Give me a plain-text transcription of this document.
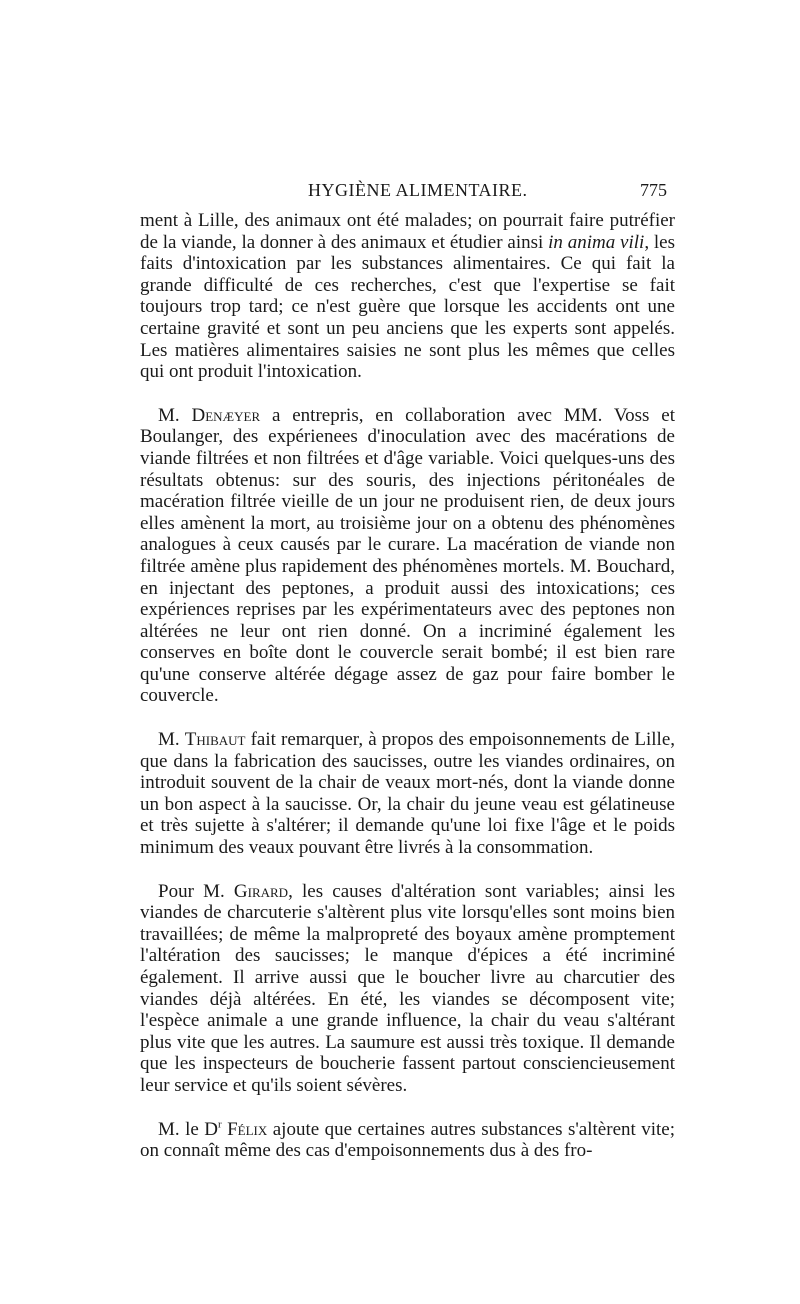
HYGIÈNE ALIMENTAIRE.	775

ment à Lille, des animaux ont été malades; on pourrait faire putréfier de la viande, la donner à des animaux et étudier ainsi in anima vili, les faits d'intoxication par les substances alimentaires. Ce qui fait la grande difficulté de ces recherches, c'est que l'expertise se fait toujours trop tard; ce n'est guère que lorsque les accidents ont une certaine gravité et sont un peu anciens que les experts sont appelés. Les matières alimentaires saisies ne sont plus les mêmes que celles qui ont produit l'intoxication.

M. Denæyer a entrepris, en collaboration avec MM. Voss et Boulanger, des expérienees d'inoculation avec des macérations de viande filtrées et non filtrées et d'âge variable. Voici quelques-uns des résultats obtenus: sur des souris, des injections péritonéales de macération filtrée vieille de un jour ne produisent rien, de deux jours elles amènent la mort, au troisième jour on a obtenu des phénomènes analogues à ceux causés par le curare. La macération de viande non filtrée amène plus rapidement des phénomènes mortels. M. Bouchard, en injectant des peptones, a produit aussi des intoxications; ces expériences reprises par les expérimentateurs avec des peptones non altérées ne leur ont rien donné. On a incriminé également les conserves en boîte dont le couvercle serait bombé; il est bien rare qu'une conserve altérée dégage assez de gaz pour faire bomber le couvercle.

M. Thibaut fait remarquer, à propos des empoisonnements de Lille, que dans la fabrication des saucisses, outre les viandes ordinaires, on introduit souvent de la chair de veaux mort-nés, dont la viande donne un bon aspect à la saucisse. Or, la chair du jeune veau est gélatineuse et très sujette à s'altérer; il demande qu'une loi fixe l'âge et le poids minimum des veaux pouvant être livrés à la consommation.

Pour M. Girard, les causes d'altération sont variables; ainsi les viandes de charcuterie s'altèrent plus vite lorsqu'elles sont moins bien travaillées; de même la malpropreté des boyaux amène promptement l'altération des saucisses; le manque d'épices a été incriminé également. Il arrive aussi que le boucher livre au charcutier des viandes déjà altérées. En été, les viandes se décomposent vite; l'espèce animale a une grande influence, la chair du veau s'altérant plus vite que les autres. La saumure est aussi très toxique. Il demande que les inspecteurs de boucherie fassent partout consciencieusement leur service et qu'ils soient sévères.

M. le $D^r$ Félix ajoute que certaines autres substances s'altèrent vite; on connaît même des cas d'empoisonnements dus à des fro-
